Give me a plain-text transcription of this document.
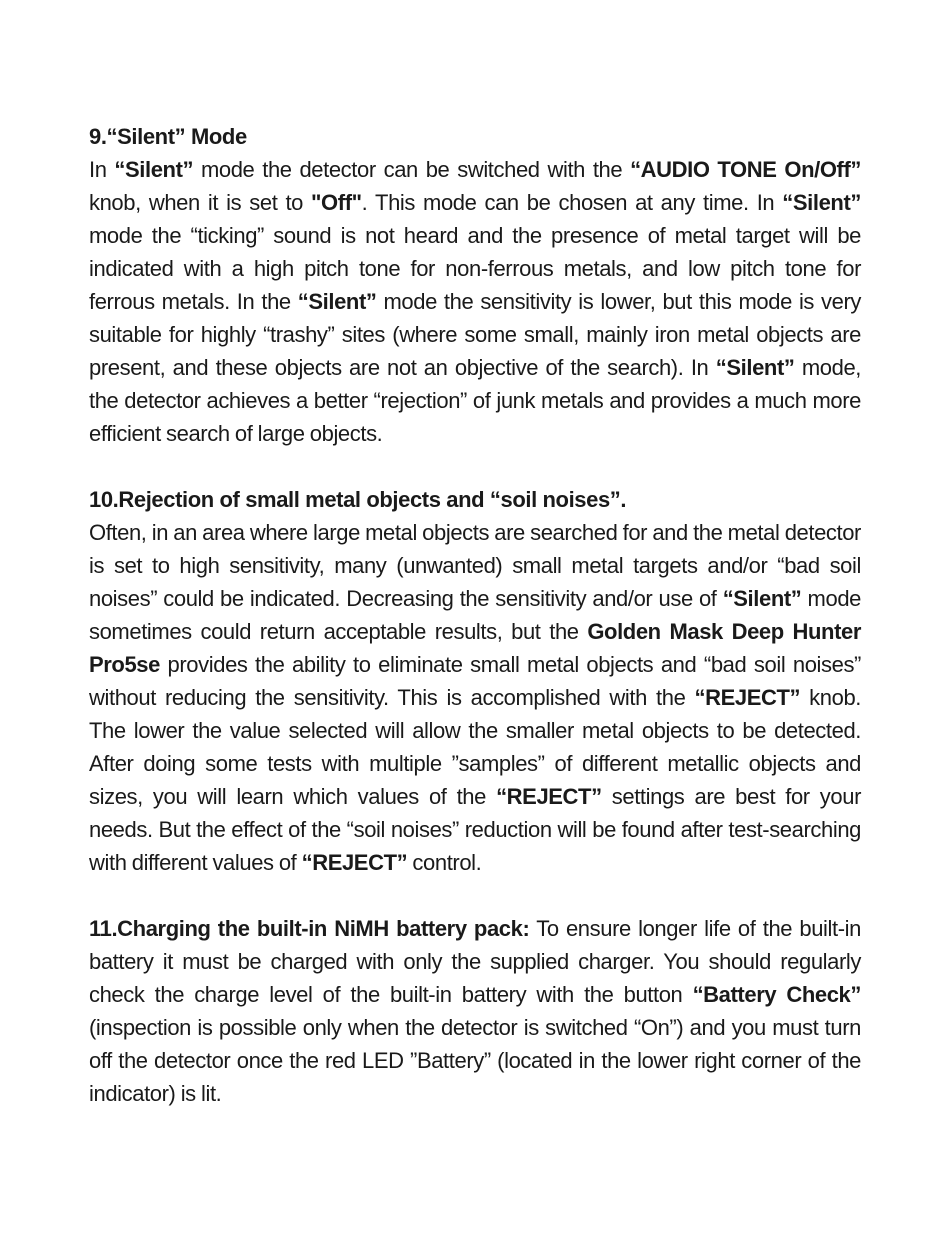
9.“Silent” Mode

In “Silent” mode the detector can be switched with the “AUDIO TONE On/Off” knob, when it is set to "Off". This mode can be chosen at any time. In “Silent” mode the “ticking” sound is not heard and the presence of metal target will be indicated with a high pitch tone for non-ferrous metals, and low pitch tone for ferrous metals. In the “Silent” mode the sensitivity is lower, but this mode is very suitable for highly “trashy” sites (where some small, mainly iron metal objects are present, and these objects are not an objective of the search). In “Silent” mode, the detector achieves a better “rejection” of junk metals and provides a much more efficient search of large objects.

10.Rejection of small metal objects and “soil noises”.

Often, in an area where large metal objects are searched for and the metal detector is set to high sensitivity, many (unwanted) small metal targets and/or “bad soil noises” could be indicated. Decreasing the sensitivity and/or use of “Silent” mode sometimes could return acceptable results, but the Golden Mask Deep Hunter Pro5se provides the ability to eliminate small metal objects and “bad soil noises” without reducing the sensitivity. This is accomplished with the “REJECT” knob. The lower the value selected will allow the smaller metal objects to be detected. After doing some tests with multiple ”samples” of different metallic objects and sizes, you will learn which values of the “REJECT” settings are best for your needs. But the effect of the “soil noises” reduction will be found after test-searching with different values of “REJECT” control.

11.Charging the built-in NiMH battery pack: To ensure longer life of the built-in battery it must be charged with only the supplied charger. You should regularly check the charge level of the built-in battery with the button “Battery Check” (inspection is possible only when the detector is switched “On”) and you must turn off the detector once the red LED ”Battery” (located in the lower right corner of the indicator) is lit.
